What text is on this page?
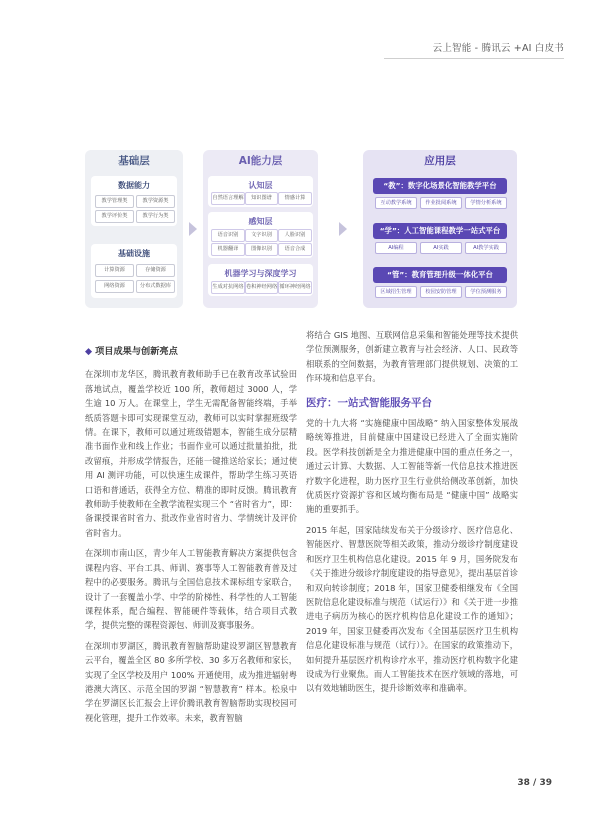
云上智能 - 腾讯云 +AI 白皮书
基础层
数据能力
教学管理类	教学资源类
教学评价类	教学行为类
基础设施
计算资源	存储资源
网络资源	分布式数据库
AI能力层
认知层
自然语言理解	知识图谱	情感计算
感知层
语音识别	文字识别	人脸识别
机器翻译	图像识别	语音合成
机器学习与深度学习
生成对抗网络 卷积神经网络 循环神经网络
应用层
“教”：数字化场景化智能教学平台
互动教学系统	作业批阅系统	学情分析系统
“学”：人工智能课程教学一站式平台
AI编程	AI实践	AI教学实践
“管”：教育管理升级一体化平台
区域招生管理	校园安防管理	学位预测服务
◆ 项目成果与创新亮点

在深圳市龙华区，腾讯教育教师助手已在教育改革试验田落地试点，覆盖学校近 100 所，教师超过 3000 人，学生逾 10 万人。在课堂上，学生无需配备智能终端，手举纸质答题卡即可实现课堂互动，教师可以实时掌握班级学情。在课下，教师可以通过班级错题本，智能生成分层精准书面作业和线上作业；书面作业可以通过批量拍批，批改留痕，并形成学情报告，还能一键推送给家长；通过使用 AI 测评功能，可以快速生成课件，帮助学生练习英语口语和普通话，获得全方位、精准的即时反馈。腾讯教育教师助手使教师在全教学流程实现三个 “省时省力”，即：备课授课省时省力、批改作业省时省力、学情统计及评价省时省力。

在深圳市南山区，青少年人工智能教育解决方案提供包含课程内容、平台工具、师训、赛事等人工智能教育普及过程中的必要服务。腾讯与全国信息技术课标组专家联合，设计了一套覆盖小学、中学的阶梯性、科学性的人工智能课程体系，配合编程、智能硬件等载体，结合项目式教学，提供完整的课程资源包、师训及赛事服务。

在深圳市罗湖区，腾讯教育智脑帮助建设罗湖区智慧教育云平台，覆盖全区 80 多所学校、30 多万名教师和家长，实现了全区学校及用户 100% 开通使用，成为推进辐射粤港澳大湾区、示范全国的罗湖 “智慧教育” 样本。松泉中学在罗湖区长汇报会上评价腾讯教育智脑帮助实现校园可视化管理，提升工作效率。未来，教育智脑

将结合 GIS 地图、互联网信息采集和智能处理等技术提供学位预测服务，创新建立教育与社会经济、人口、民政等相联系的空间数据，为教育管理部门提供规划、决策的工作环境和信息平台。

医疗：一站式智能服务平台

党的十九大将 “实施健康中国战略” 纳入国家整体发展战略统筹推进，目前健康中国建设已经进入了全面实施阶段。医学科技创新是全力推进健康中国的重点任务之一，通过云计算、大数据、人工智能等新一代信息技术推进医疗数字化进程，助力医疗卫生行业供给侧改革创新，加快优质医疗资源扩容和区域均衡布局是 “健康中国” 战略实施的重要抓手。

2015 年起，国家陆续发布关于分级诊疗、医疗信息化、智能医疗、智慧医院等相关政策，推动分级诊疗制度建设和医疗卫生机构信息化建设。2015 年 9 月，国务院发布《关于推进分级诊疗制度建设的指导意见》，提出基层首诊和双向转诊制度；2018 年，国家卫健委相继发布《全国医院信息化建设标准与规范（试运行）》和《关于进一步推进电子病历为核心的医疗机构信息化建设工作的通知》；2019 年，国家卫健委再次发布《全国基层医疗卫生机构信息化建设标准与规范（试行）》。在国家的政策推动下，如何提升基层医疗机构诊疗水平，推动医疗机构数字化建设成为行业聚焦。而人工智能技术在医疗领域的落地，可以有效地辅助医生，提升诊断效率和准确率。

38 / 39
